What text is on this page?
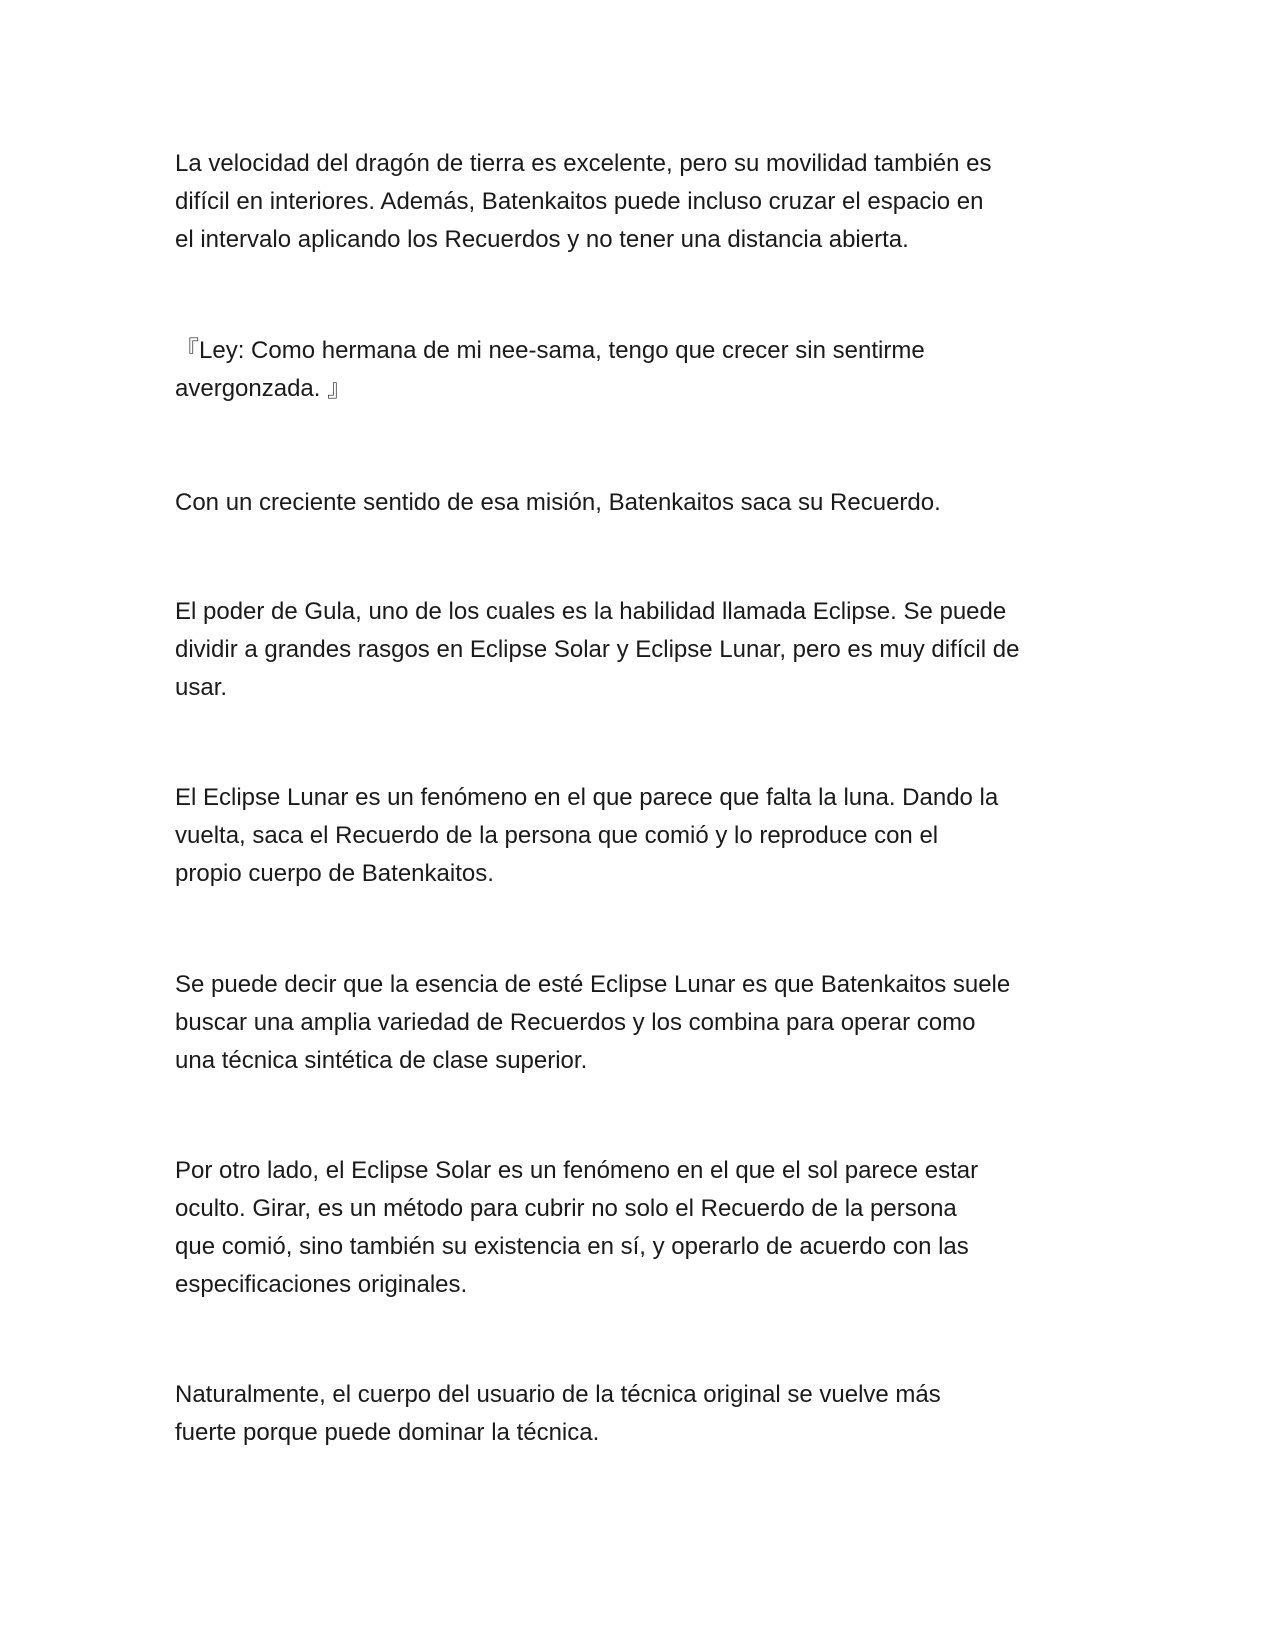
La velocidad del dragón de tierra es excelente, pero su movilidad también es
difícil en interiores. Además, Batenkaitos puede incluso cruzar el espacio en
el intervalo aplicando los Recuerdos y no tener una distancia abierta.

『Ley: Como hermana de mi nee-sama, tengo que crecer sin sentirme
avergonzada. 』

Con un creciente sentido de esa misión, Batenkaitos saca su Recuerdo.

El poder de Gula, uno de los cuales es la habilidad llamada Eclipse. Se puede
dividir a grandes rasgos en Eclipse Solar y Eclipse Lunar, pero es muy difícil de
usar.

El Eclipse Lunar es un fenómeno en el que parece que falta la luna. Dando la
vuelta, saca el Recuerdo de la persona que comió y lo reproduce con el
propio cuerpo de Batenkaitos.

Se puede decir que la esencia de esté Eclipse Lunar es que Batenkaitos suele
buscar una amplia variedad de Recuerdos y los combina para operar como
una técnica sintética de clase superior.

Por otro lado, el Eclipse Solar es un fenómeno en el que el sol parece estar
oculto. Girar, es un método para cubrir no solo el Recuerdo de la persona
que comió, sino también su existencia en sí, y operarlo de acuerdo con las
especificaciones originales.

Naturalmente, el cuerpo del usuario de la técnica original se vuelve más
fuerte porque puede dominar la técnica.
